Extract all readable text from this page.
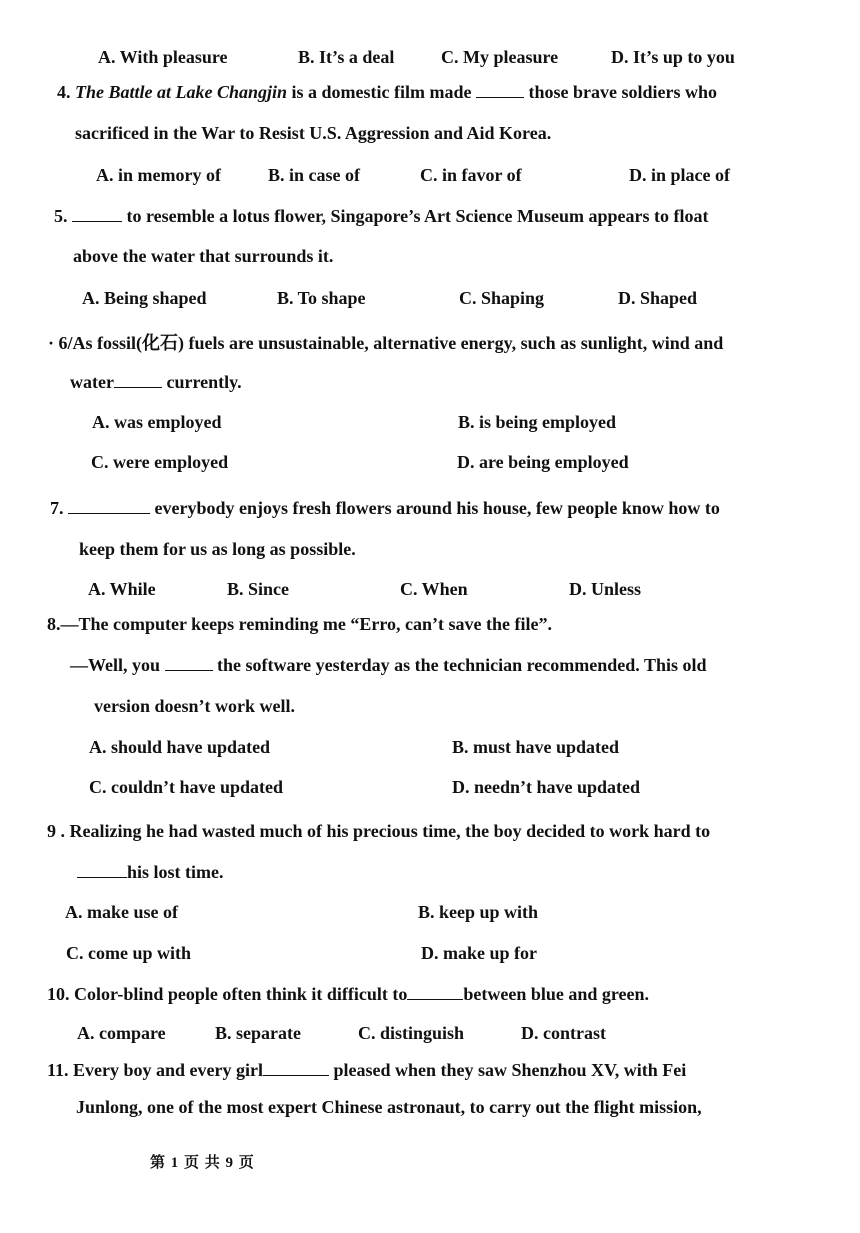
A. With pleasure	B. It’s a deal	C. My pleasure	D. It’s up to you
4. The Battle at Lake Changjin is a domestic film made	those brave soldiers who
sacrificed in the War to Resist U.S. Aggression and Aid Korea.
A. in memory of	B. in case of	C. in favor of	D. in place of
5.	to resemble a lotus flower, Singapore’s Art Science Museum appears to float
above the water that surrounds it.
A. Being shaped	B. To shape	C. Shaping	D. Shaped
· 6/As fossil(化石) fuels are unsustainable, alternative energy, such as sunlight, wind and
water	currently.
A. was employed	B. is being employed
C. were employed	D. are being employed
7.	everybody enjoys fresh flowers around his house, few people know how to
keep them for us as long as possible.
A. While	B. Since	C. When	D. Unless
8.—The computer keeps reminding me “Erro, can’t save the file”.
—Well, you	the software yesterday as the technician recommended. This old
version doesn’t work well.
A. should have updated	B. must have updated
C. couldn’t have updated	D. needn’t have updated
9 . Realizing he had wasted much of his precious time, the boy decided to work hard to
his lost time.
A. make use of	B. keep up with
C. come up with	D. make up for
10. Color-blind people often think it difficult to	between blue and green.
A. compare	B. separate	C. distinguish	D. contrast
11. Every boy and every girl	pleased when they saw Shenzhou XV, with Fei
Junlong, one of the most expert Chinese astronaut, to carry out the flight mission,
第 1 页 共 9 页
